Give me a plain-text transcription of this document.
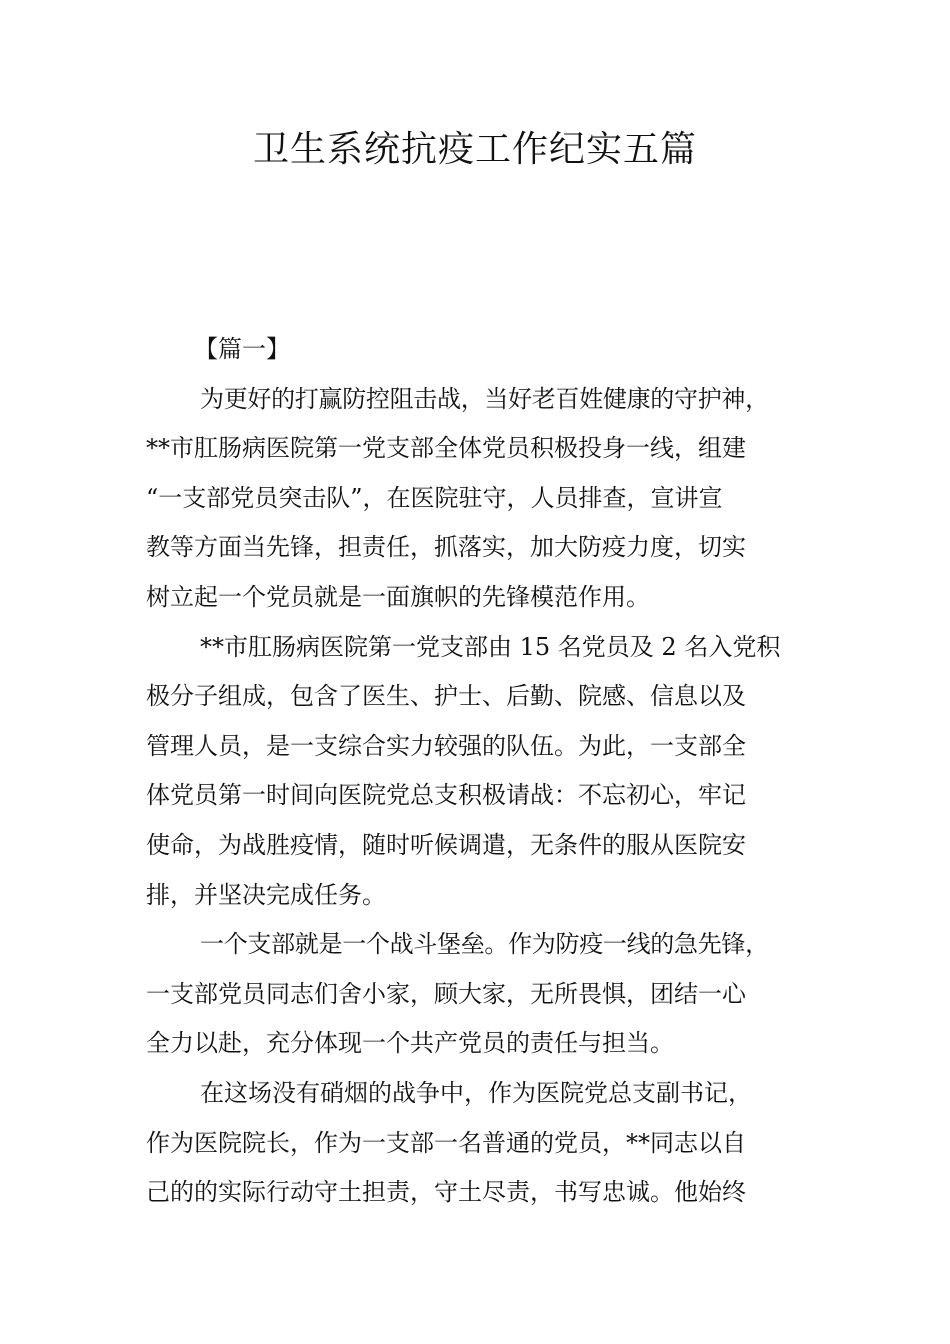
卫生系统抗疫工作纪实五篇
【篇一】
为更好的打赢防控阻击战，当好老百姓健康的守护神，
**市肛肠病医院第一党支部全体党员积极投身一线，组建
“一支部党员突击队”，在医院驻守，人员排查，宣讲宣
教等方面当先锋，担责任，抓落实，加大防疫力度，切实
树立起一个党员就是一面旗帜的先锋模范作用。
**市肛肠病医院第一党支部由 15 名党员及 2 名入党积
极分子组成，包含了医生、护士、后勤、院感、信息以及
管理人员，是一支综合实力较强的队伍。为此，一支部全
体党员第一时间向医院党总支积极请战：不忘初心，牢记
使命，为战胜疫情，随时听候调遣，无条件的服从医院安
排，并坚决完成任务。
一个支部就是一个战斗堡垒。作为防疫一线的急先锋，
一支部党员同志们舍小家，顾大家，无所畏惧，团结一心
全力以赴，充分体现一个共产党员的责任与担当。
在这场没有硝烟的战争中，作为医院党总支副书记，
作为医院院长，作为一支部一名普通的党员，**同志以自
己的的实际行动守土担责，守土尽责，书写忠诚。他始终
